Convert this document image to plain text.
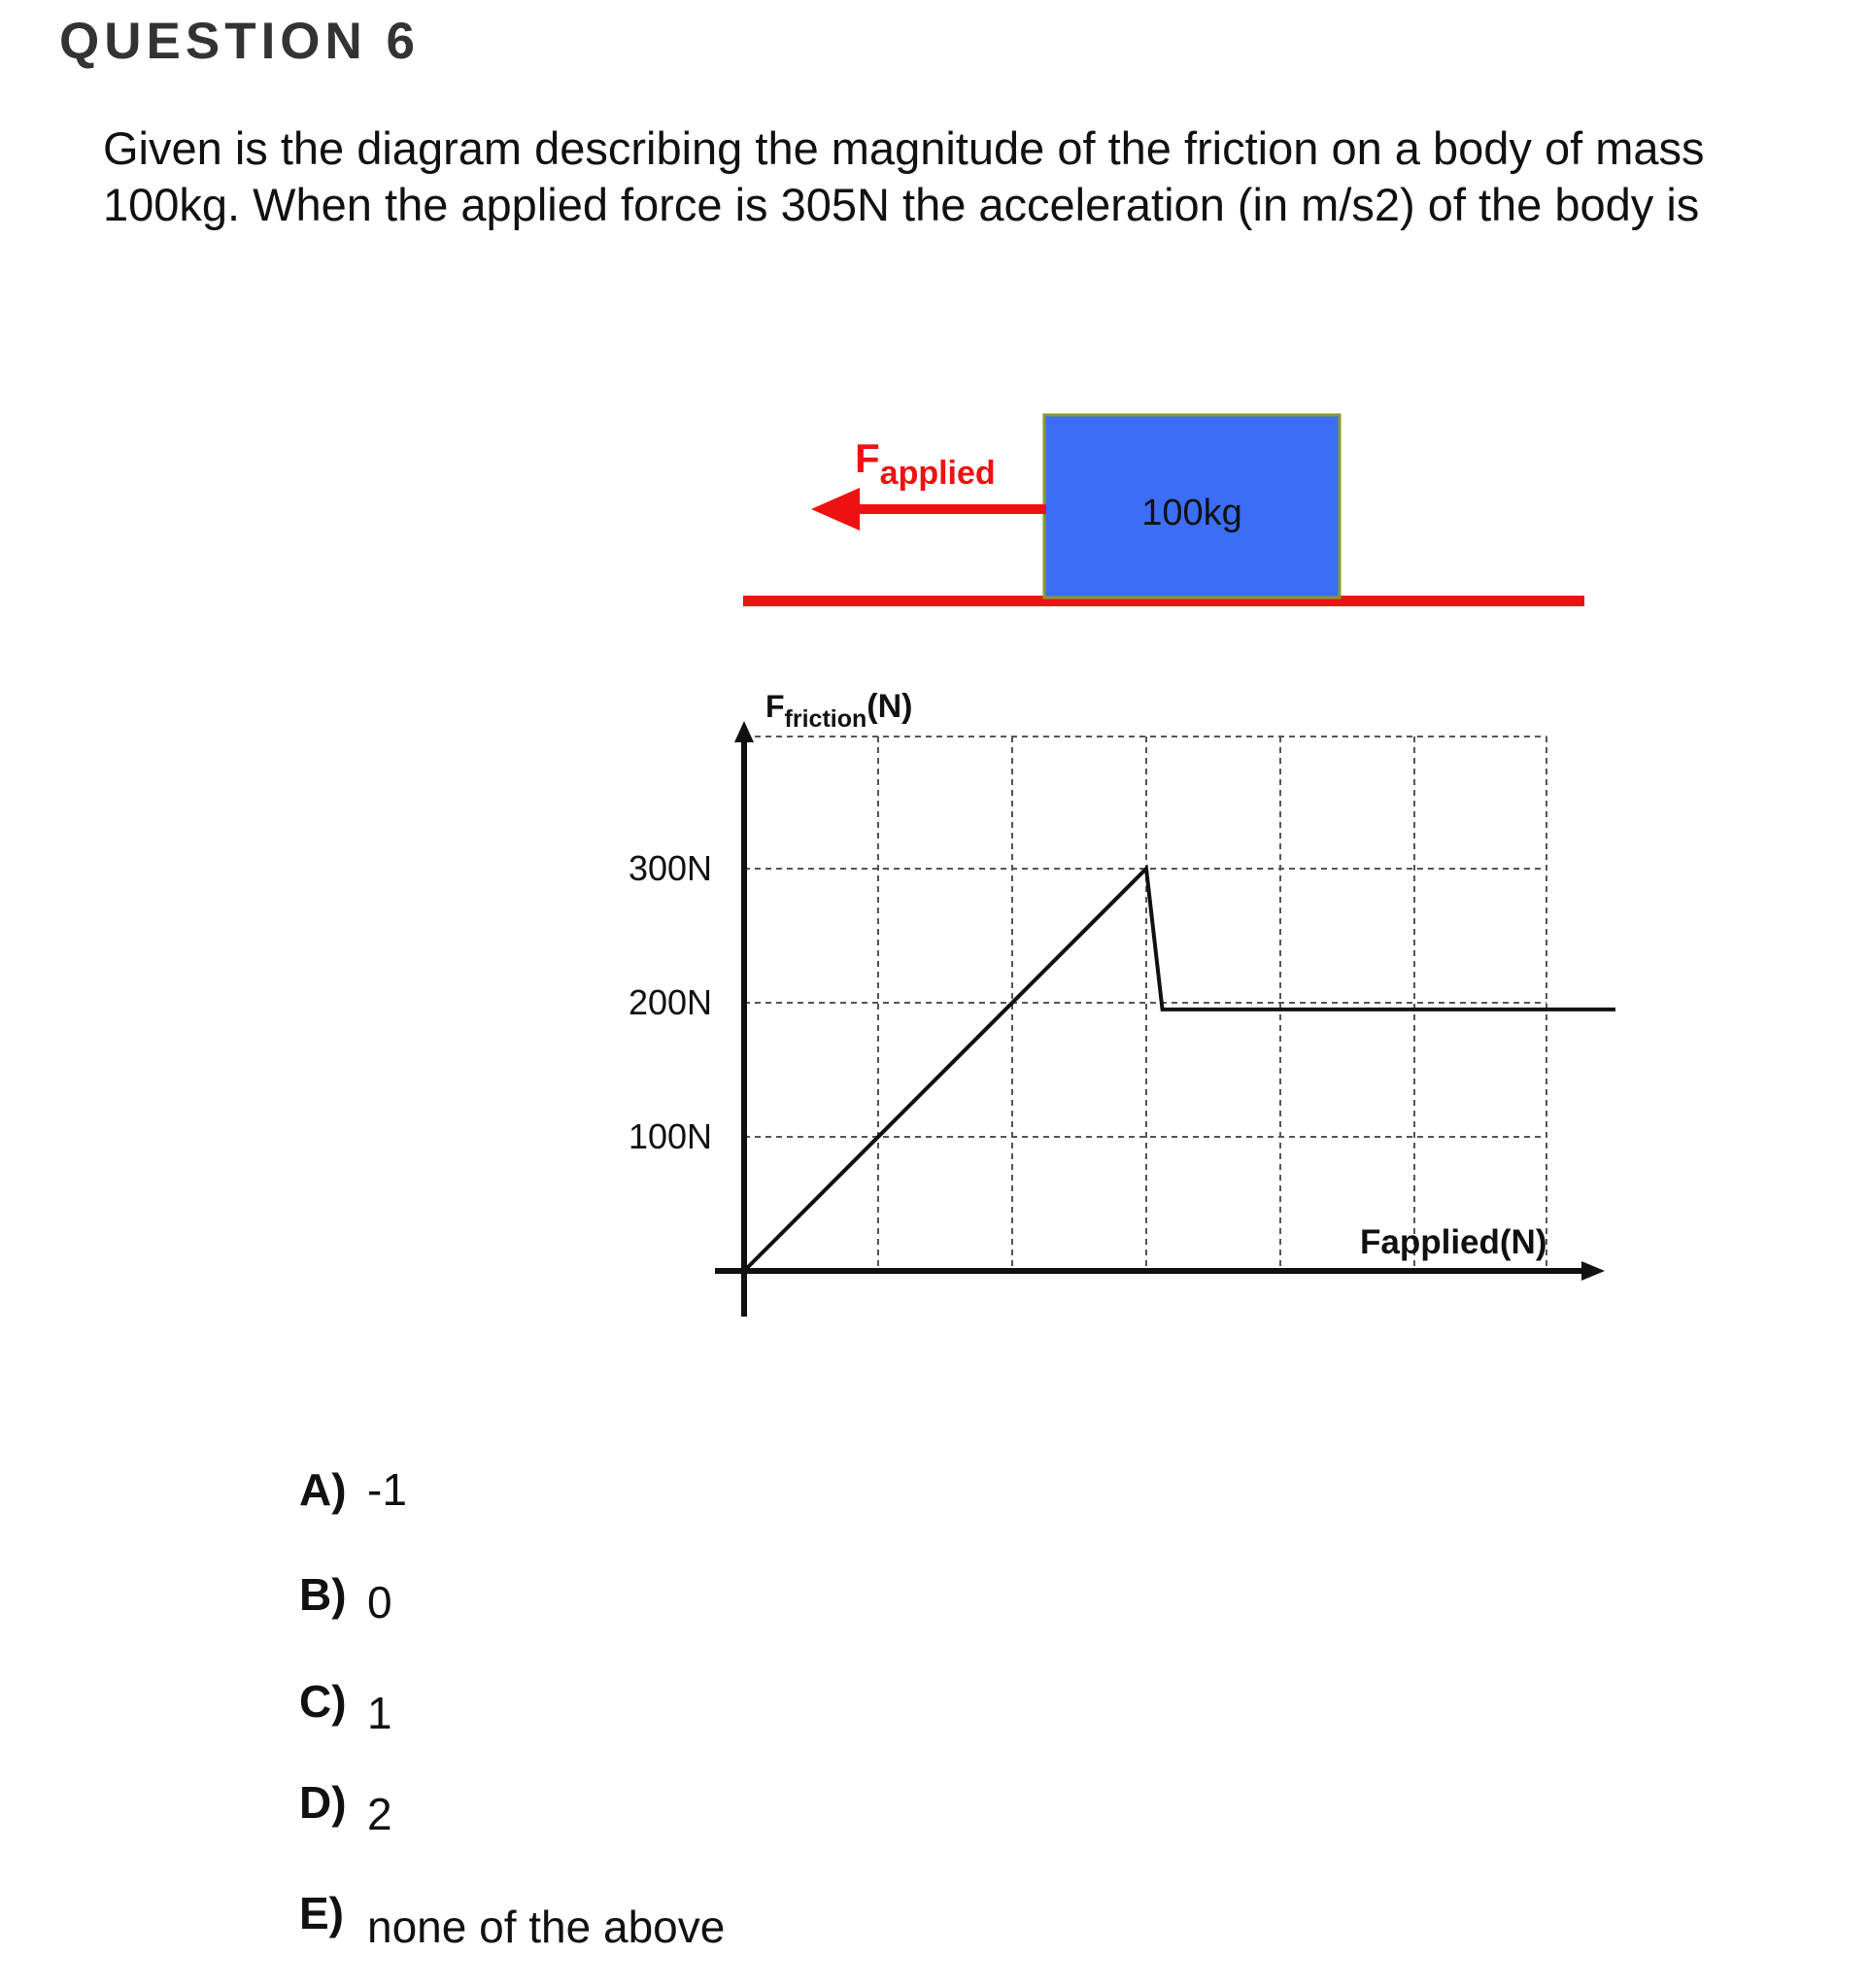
QUESTION 6
Given is the diagram describing the magnitude of the friction on a body of mass
100kg. When the applied force is 305N the acceleration (in m/s2) of the body is
100kg
Fapplied
100N
200N
300N
Ffriction(N)
Fapplied(N)
A) -1
B) 0
C) 1
D) 2
E) none of the above
